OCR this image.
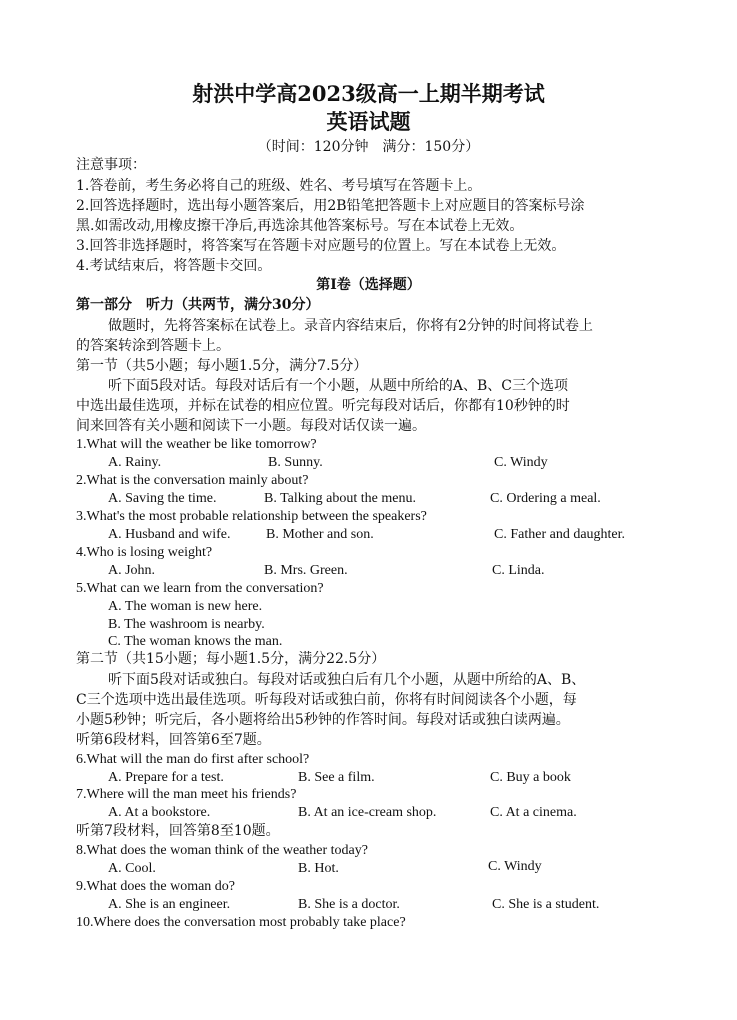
射洪中学高2023级高一上期半期考试
英语试题
（时间：120分钟　满分：150分）
注意事项：
1.答卷前，考生务必将自己的班级、姓名、考号填写在答题卡上。
2.回答选择题时，选出每小题答案后，用2B铅笔把答题卡上对应题目的答案标号涂
黑.如需改动,用橡皮擦干净后,再选涂其他答案标号。写在本试卷上无效。
3.回答非选择题时，将答案写在答题卡对应题号的位置上。写在本试卷上无效。
4.考试结束后，将答题卡交回。
第Ⅰ卷（选择题）
第一部分　听力（共两节，满分30分）
做题时，先将答案标在试卷上。录音内容结束后，你将有2分钟的时间将试卷上
的答案转涂到答题卡上。
第一节（共5小题；每小题1.5分，满分7.5分）
听下面5段对话。每段对话后有一个小题，从题中所给的A、B、C三个选项
中选出最佳选项，并标在试卷的相应位置。听完每段对话后，你都有10秒钟的时
间来回答有关小题和阅读下一小题。每段对话仅读一遍。
1.What will the weather be like tomorrow?
A. Rainy.	B. Sunny.	C. Windy
2.What is the conversation mainly about?
A. Saving the time.	B. Talking about the menu.	C. Ordering a meal.
3.What's the most probable relationship between the speakers?
A. Husband and wife.	B. Mother and son.	C. Father and daughter.
4.Who is losing weight?
A. John.	B. Mrs. Green.	C. Linda.
5.What can we learn from the conversation?
A. The woman is new here.
B. The washroom is nearby.
C. The woman knows the man.
第二节（共15小题；每小题1.5分，满分22.5分）
听下面5段对话或独白。每段对话或独白后有几个小题，从题中所给的A、B、
C三个选项中选出最佳选项。听每段对话或独白前，你将有时间阅读各个小题，每
小题5秒钟；听完后，各小题将给出5秒钟的作答时间。每段对话或独白读两遍。
听第6段材料，回答第6至7题。
6.What will the man do first after school?
A. Prepare for a test.	B. See a film.	C. Buy a book
7.Where will the man meet his friends?
A. At a bookstore.	B. At an ice-cream shop.	C. At a cinema.
听第7段材料，回答第8至10题。
8.What does the woman think of the weather today?
A. Cool.	B. Hot.	C. Windy
9.What does the woman do?
A. She is an engineer.	B. She is a doctor.	C. She is a student.
10.Where does the conversation most probably take place?
